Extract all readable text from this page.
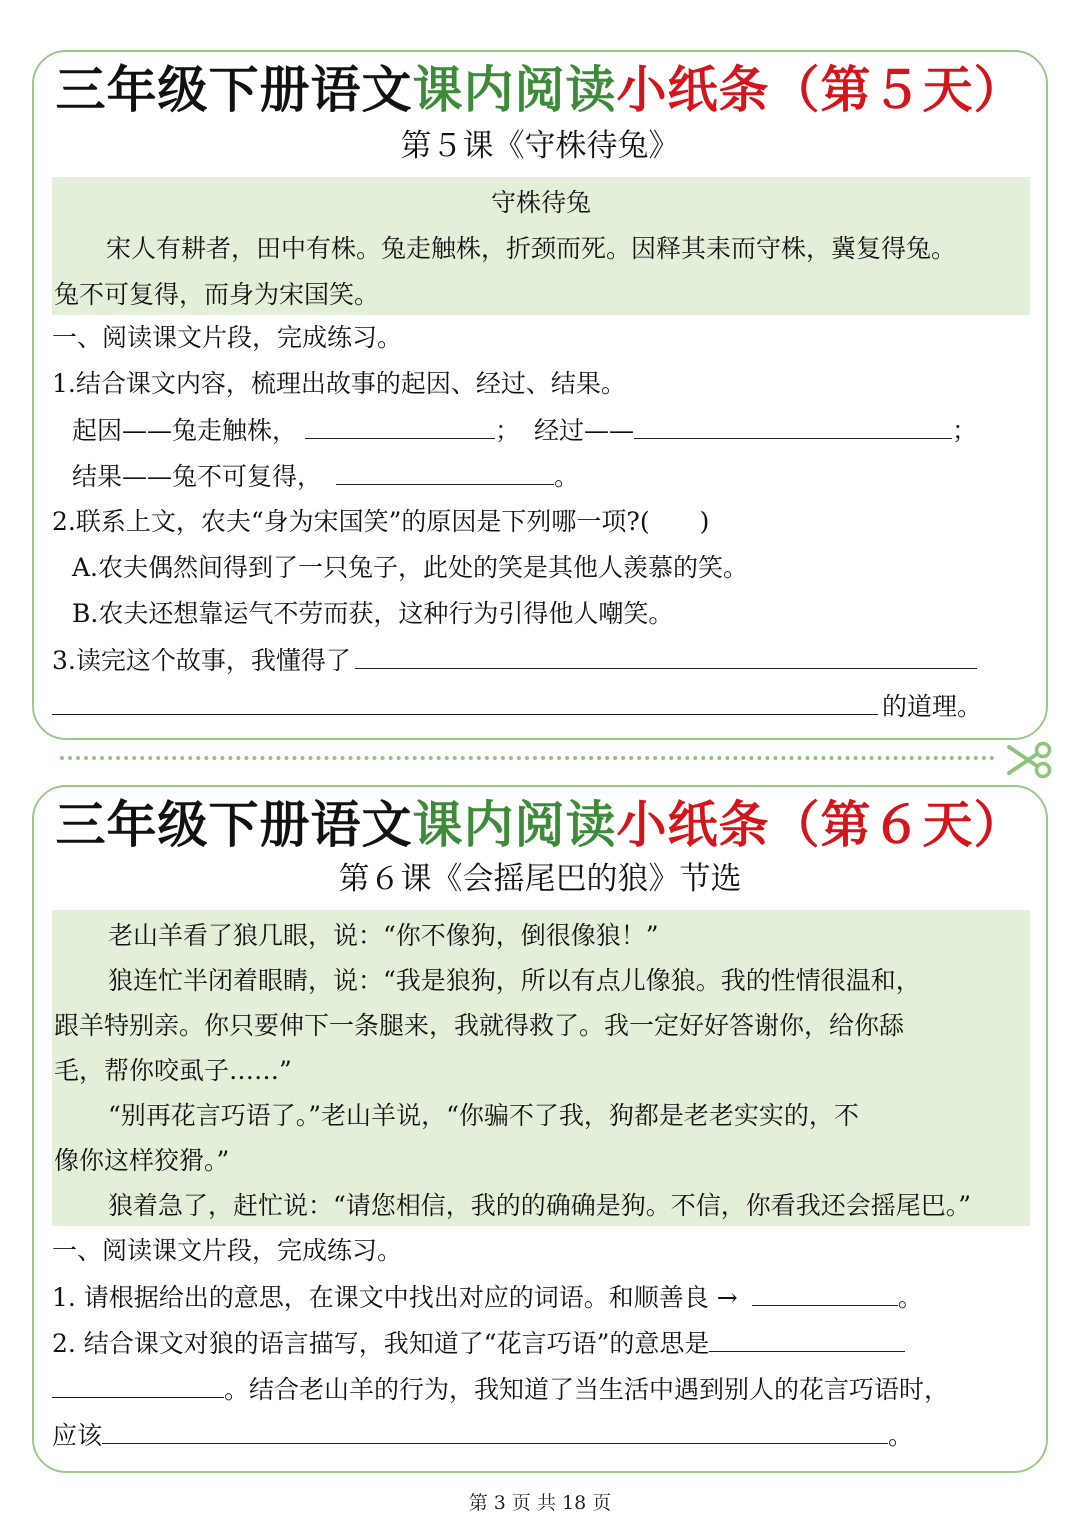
三年级下册语文课内阅读小纸条（第５天）
第５课《守株待兔》
守株待兔
宋人有耕者，田中有株。兔走触株，折颈而死。因释其耒而守株，冀复得兔。
兔不可复得，而身为宋国笑。
一、阅读课文片段，完成练习。
1.结合课文内容，梳理出故事的起因、经过、结果。
起因——兔走触株，	； 经过——	；
结果——兔不可复得，	。
2.联系上文，农夫“身为宋国笑”的原因是下列哪一项?(　　)
A.农夫偶然间得到了一只兔子，此处的笑是其他人羡慕的笑。
B.农夫还想靠运气不劳而获，这种行为引得他人嘲笑。
3.读完这个故事，我懂得了
的道理。
三年级下册语文课内阅读小纸条（第６天）
第６课《会摇尾巴的狼》节选
老山羊看了狼几眼，说：“你不像狗，倒很像狼！”
狼连忙半闭着眼睛，说：“我是狼狗，所以有点儿像狼。我的性情很温和，
跟羊特别亲。你只要伸下一条腿来，我就得救了。我一定好好答谢你，给你舔
毛，帮你咬虱子……”
“别再花言巧语了。”老山羊说，“你骗不了我，狗都是老老实实的，不
像你这样狡猾。”
狼着急了，赶忙说：“请您相信，我的的确确是狗。不信，你看我还会摇尾巴。”
一、阅读课文片段，完成练习。
1. 请根据给出的意思，在课文中找出对应的词语。和顺善良 →	。
2. 结合课文对狼的语言描写，我知道了“花言巧语”的意思是
。结合老山羊的行为，我知道了当生活中遇到别人的花言巧语时，
应该	。
第 3 页 共 18 页
